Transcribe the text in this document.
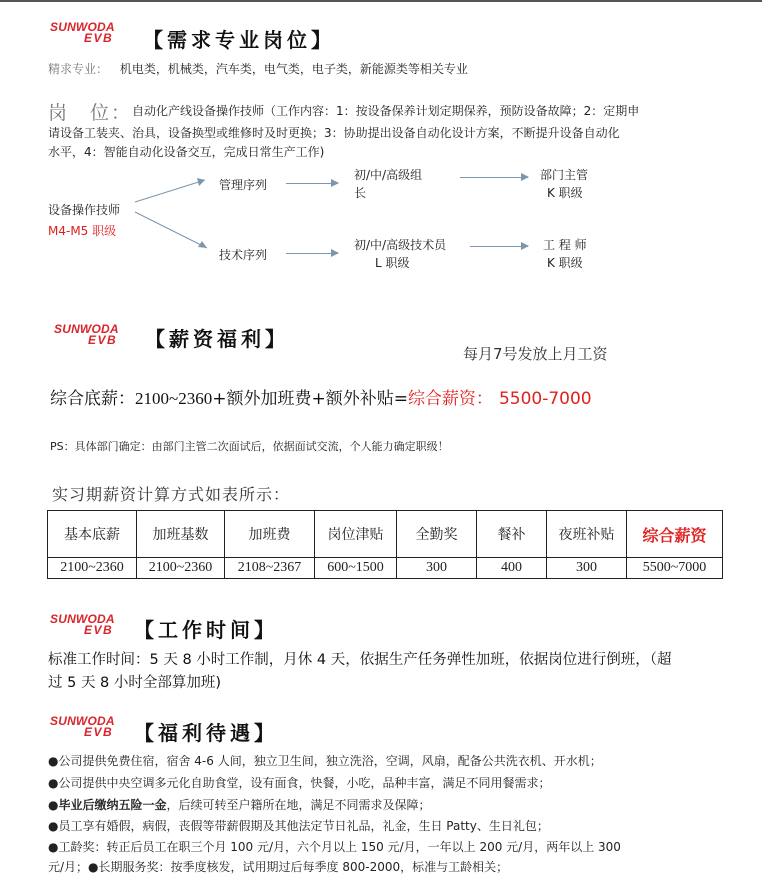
SUNWODA
EVB 【需求专业岗位】
精求专业： 机电类，机械类，汽车类，电气类，电子类，新能源类等相关专业
岗　位： 自动化产线设备操作技师（工作内容：1：按设备保养计划定期保养，预防设备故障；2：定期申
请设备工装夹、治具，设备换型或维修时及时更换；3：协助提出设备自动化设计方案，不断提升设备自动化
水平，4：智能自动化设备交互，完成日常生产工作)
设备操作技师
M4-M5 职级
管理序列
初/中/高级组
长
部门主管
K 职级
技术序列
初/中/高级技术员
L 职级
工 程 师
K 职级
SUNWODA
EVB 【薪资福利】
每月7号发放上月工资
综合底薪：2100~2360+额外加班费+额外补贴=综合薪资： 5500-7000
PS：具体部门确定：由部门主管二次面试后，依据面试交流，个人能力确定职级！
实习期薪资计算方式如表所示：
基本底薪	加班基数	加班费	岗位津贴	全勤奖	餐补	夜班补贴	综合薪资
2100~2360	2100~2360	2108~2367	600~1500	300	400	300	5500~7000
SUNWODA
EVB 【工作时间】
标准工作时间：5 天 8 小时工作制，月休 4 天，依据生产任务弹性加班，依据岗位进行倒班，（超
过 5 天 8 小时全部算加班)
SUNWODA
EVB 【福利待遇】
●公司提供免费住宿，宿舍 4-6 人间，独立卫生间，独立洗浴，空调，风扇，配备公共洗衣机、开水机；
●公司提供中央空调多元化自助食堂，设有面食，快餐，小吃，品种丰富，满足不同用餐需求；
●毕业后缴纳五险一金，后续可转至户籍所在地，满足不同需求及保障；
●员工享有婚假，病假，丧假等带薪假期及其他法定节日礼品，礼金，生日 Patty、生日礼包；
●工龄奖：转正后员工在职三个月 100 元/月，六个月以上 150 元/月，一年以上 200 元/月，两年以上 300
元/月；●长期服务奖：按季度核发，试用期过后每季度 800-2000，标准与工龄相关；
